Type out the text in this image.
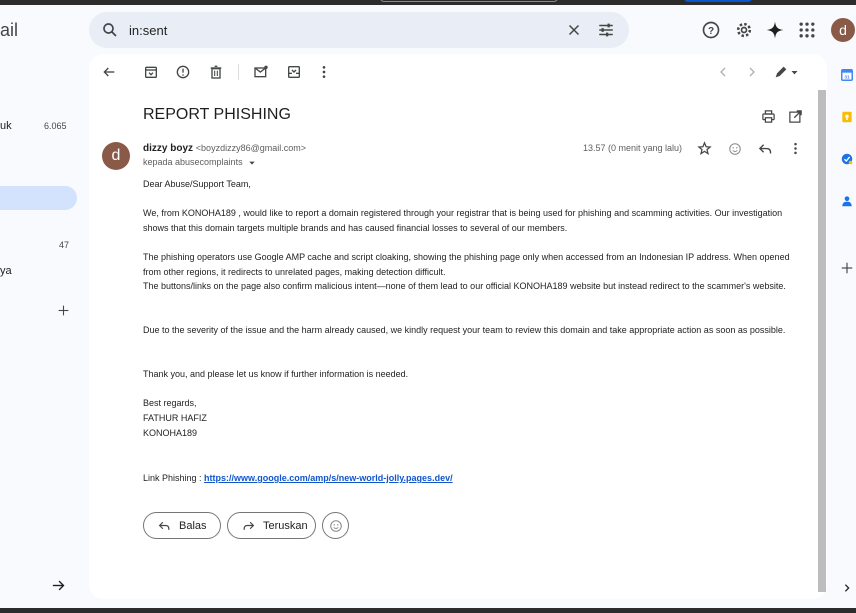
ail
in:sent	?	d
uk	6.065
47
ya
REPORT PHISHING
d	dizzy boyz <boyzdizzy86@gmail.com>
kepada abusecomplaints
13.57 (0 menit yang lalu)
Dear Abuse/Support Team,
We, from KONOHA189 , would like to report a domain registered through your registrar that is being used for phishing and scamming activities. Our investigation shows that this domain targets multiple brands and has caused financial losses to several of our members.
The phishing operators use Google AMP cache and script cloaking, showing the phishing page only when accessed from an Indonesian IP address. When opened from other regions, it redirects to unrelated pages, making detection difficult.
The buttons/links on the page also confirm malicious intent—none of them lead to our official KONOHA189 website but instead redirect to the scammer's website.
Due to the severity of the issue and the harm already caused, we kindly request your team to review this domain and take appropriate action as soon as possible.
Thank you, and please let us know if further information is needed.
Best regards,
FATHUR HAFIZ
KONOHA189
Link Phishing : https://www.google.com/amp/s/new-world-jolly.pages.dev/
Balas	Teruskan
31
